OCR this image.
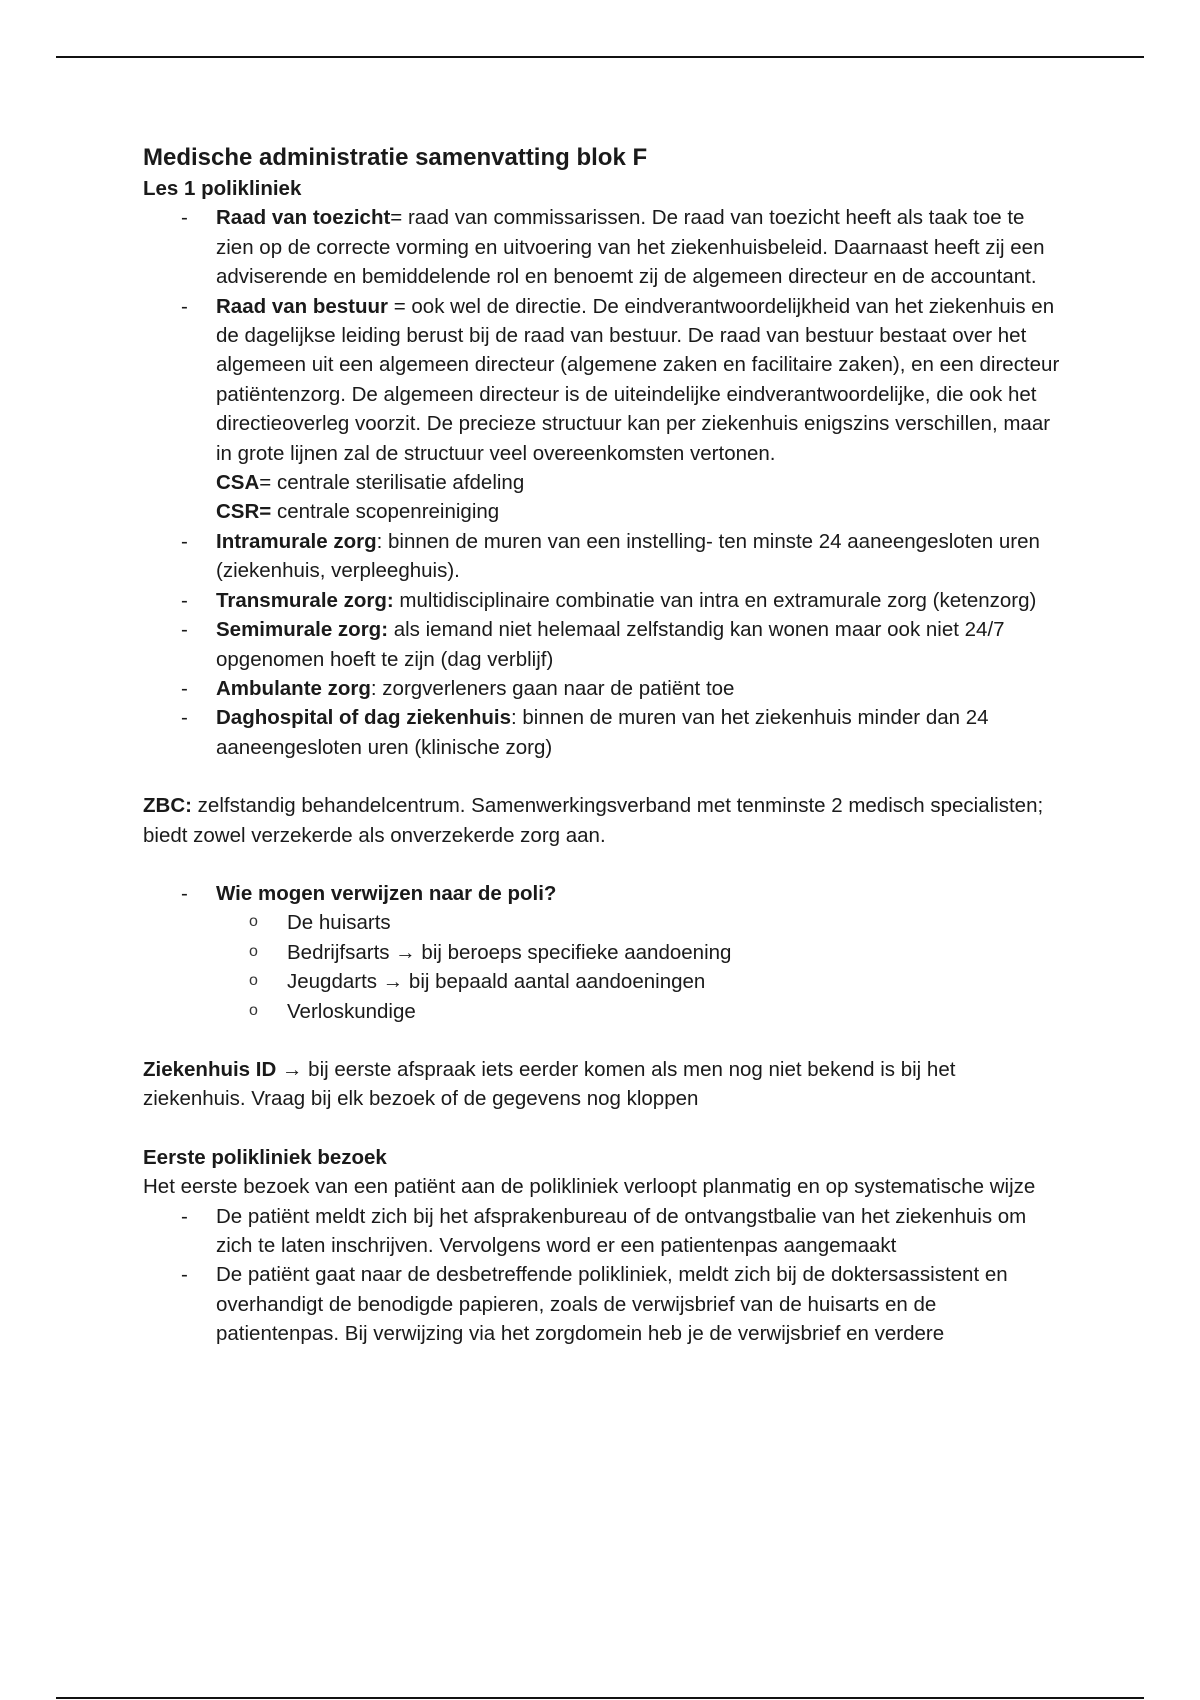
Medische administratie samenvatting blok F

Les 1 polikliniek

- Raad van toezicht= raad van commissarissen. De raad van toezicht heeft als taak toe te zien op de correcte vorming en uitvoering van het ziekenhuisbeleid. Daarnaast heeft zij een adviserende en bemiddelende rol en benoemt zij de algemeen directeur en de accountant.
- Raad van bestuur = ook wel de directie. De eindverantwoordelijkheid van het ziekenhuis en de dagelijkse leiding berust bij de raad van bestuur. De raad van bestuur bestaat over het algemeen uit een algemeen directeur (algemene zaken en facilitaire zaken), en een directeur patiëntenzorg. De algemeen directeur is de uiteindelijke eindverantwoordelijke, die ook het directieoverleg voorzit. De precieze structuur kan per ziekenhuis enigszins verschillen, maar in grote lijnen zal de structuur veel overeenkomsten vertonen.
CSA= centrale sterilisatie afdeling
CSR= centrale scopenreiniging
- Intramurale zorg: binnen de muren van een instelling- ten minste 24 aaneengesloten uren (ziekenhuis, verpleeghuis).
- Transmurale zorg: multidisciplinaire combinatie van intra en extramurale zorg (ketenzorg)
- Semimurale zorg: als iemand niet helemaal zelfstandig kan wonen maar ook niet 24/7 opgenomen hoeft te zijn (dag verblijf)
- Ambulante zorg: zorgverleners gaan naar de patiënt toe
- Daghospital of dag ziekenhuis: binnen de muren van het ziekenhuis minder dan 24 aaneengesloten uren (klinische zorg)

ZBC: zelfstandig behandelcentrum. Samenwerkingsverband met tenminste 2 medisch specialisten; biedt zowel verzekerde als onverzekerde zorg aan.

- Wie mogen verwijzen naar de poli?
o De huisarts
o Bedrijfsarts → bij beroeps specifieke aandoening
o Jeugdarts → bij bepaald aantal aandoeningen
o Verloskundige

Ziekenhuis ID → bij eerste afspraak iets eerder komen als men nog niet bekend is bij het ziekenhuis. Vraag bij elk bezoek of de gegevens nog kloppen

Eerste polikliniek bezoek

Het eerste bezoek van een patiënt aan de polikliniek verloopt planmatig en op systematische wijze

- De patiënt meldt zich bij het afsprakenbureau of de ontvangstbalie van het ziekenhuis om zich te laten inschrijven. Vervolgens word er een patientenpas aangemaakt
- De patiënt gaat naar de desbetreffende polikliniek, meldt zich bij de doktersassistent en overhandigt de benodigde papieren, zoals de verwijsbrief van de huisarts en de patientenpas. Bij verwijzing via het zorgdomein heb je de verwijsbrief en verdere
